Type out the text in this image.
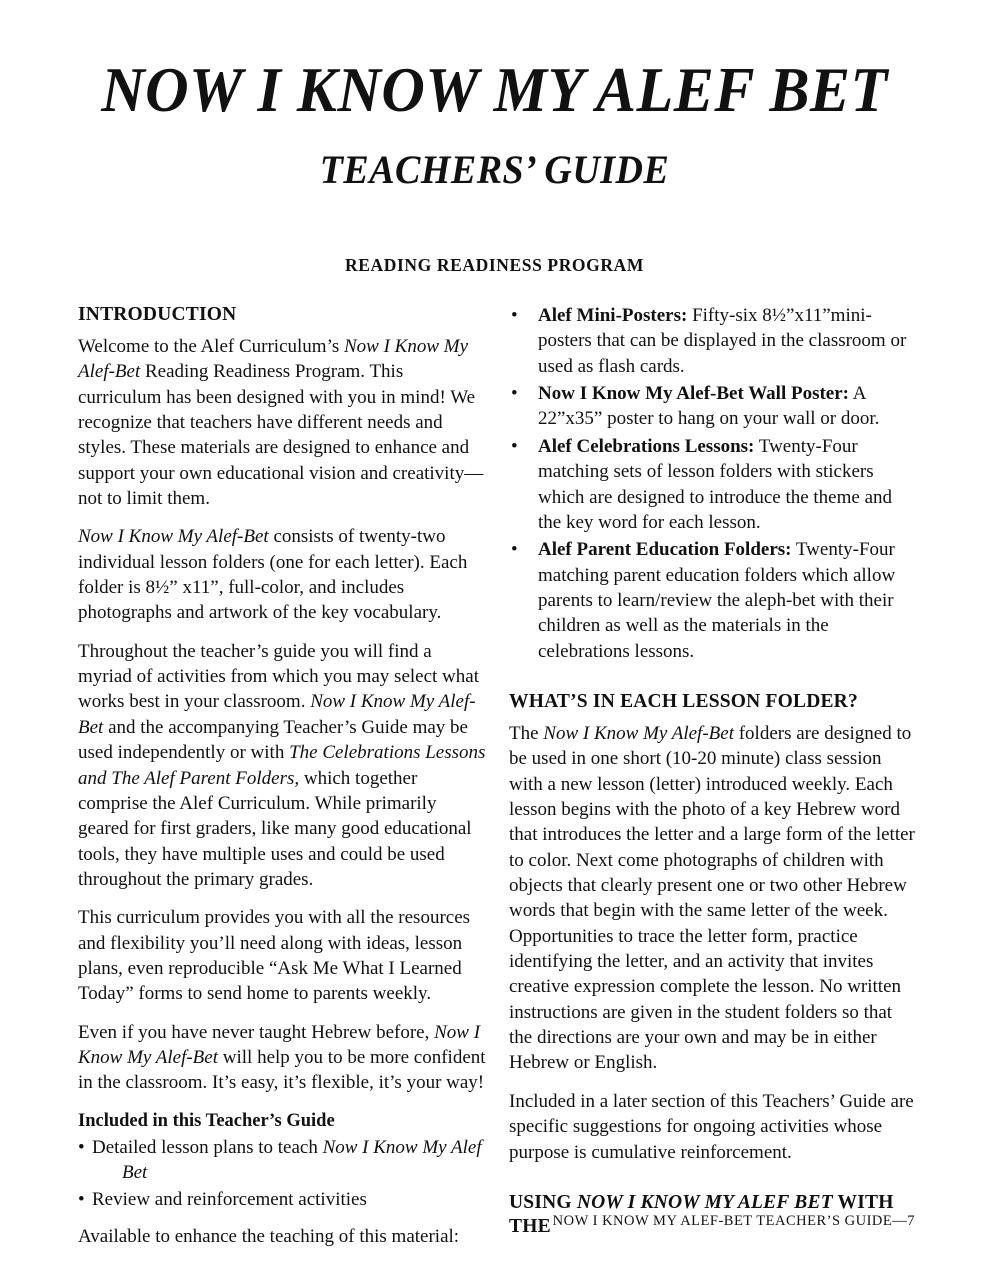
NOW I KNOW MY ALEF BET
TEACHERS’ GUIDE
READING READINESS PROGRAM
INTRODUCTION

Welcome to the Alef Curriculum’s Now I Know My Alef-Bet Reading Readiness Program. This curriculum has been designed with you in mind! We recognize that teachers have different needs and styles. These materials are designed to enhance and support your own educational vision and creativity—not to limit them.

Now I Know My Alef-Bet consists of twenty-two individual lesson folders (one for each letter). Each folder is 8½” x11”, full-color, and includes photographs and artwork of the key vocabulary.

Throughout the teacher’s guide you will find a myriad of activities from which you may select what works best in your classroom. Now I Know My Alef-Bet and the accompanying Teacher’s Guide may be used independently or with The Celebrations Lessons and The Alef Parent Folders, which together comprise the Alef Curriculum. While primarily geared for first graders, like many good educational tools, they have multiple uses and could be used throughout the primary grades.

This curriculum provides you with all the resources and flexibility you’ll need along with ideas, lesson plans, even reproducible “Ask Me What I Learned Today” forms to send home to parents weekly.

Even if you have never taught Hebrew before, Now I Know My Alef-Bet will help you to be more confident in the classroom. It’s easy, it’s flexible, it’s your way!

Included in this Teacher’s Guide
• Detailed lesson plans to teach Now I Know My Alef
Bet
• Review and reinforcement activities

Available to enhance the teaching of this material:

• Alef Mini-Posters: Fifty-six 8½”x11”mini-posters that can be displayed in the classroom or used as flash cards.
• Now I Know My Alef-Bet Wall Poster: A 22”x35” poster to hang on your wall or door.
• Alef Celebrations Lessons: Twenty-Four matching sets of lesson folders with stickers which are designed to introduce the theme and the key word for each lesson.
• Alef Parent Education Folders: Twenty-Four matching parent education folders which allow parents to learn/review the aleph-bet with their children as well as the materials in the celebrations lessons.
WHAT’S IN EACH LESSON FOLDER?

The Now I Know My Alef-Bet folders are designed to be used in one short (10-20 minute) class session with a new lesson (letter) introduced weekly. Each lesson begins with the photo of a key Hebrew word that introduces the letter and a large form of the letter to color. Next come photographs of children with objects that clearly present one or two other Hebrew words that begin with the same letter of the week. Opportunities to trace the letter form, practice identifying the letter, and an activity that invites creative expression complete the lesson. No written instructions are given in the student folders so that the directions are your own and may be in either Hebrew or English.

Included in a later section of this Teachers’ Guide are specific suggestions for ongoing activities whose purpose is cumulative reinforcement.

USING NOW I KNOW MY ALEF BET WITH THE NOW I KNOW MY ALEF-BET TEACHER’S GUIDE—7
